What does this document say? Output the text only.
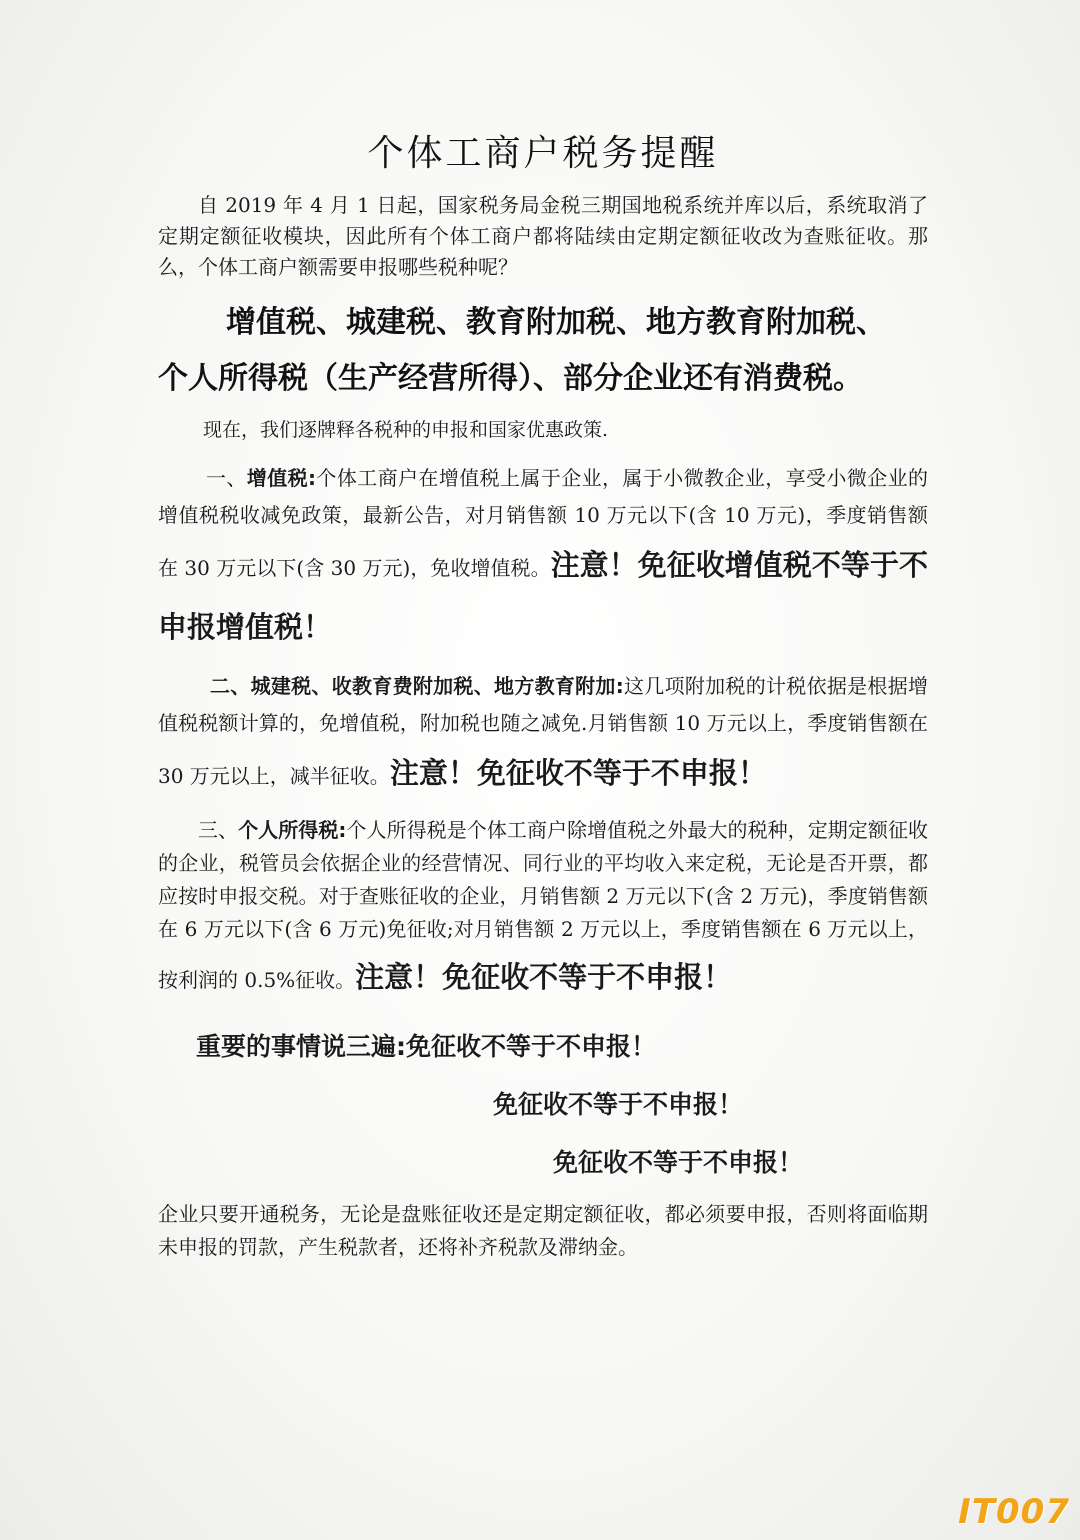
个体工商户税务提醒

自 2019 年 4 月 1 日起，国家税务局金税三期国地税系统并库以后，系统取消了定期定额征收模块，因此所有个体工商户都将陆续由定期定额征收改为查账征收。那么，个体工商户额需要申报哪些税种呢？

增值税、城建税、教育附加税、地方教育附加税、
个人所得税（生产经营所得）、部分企业还有消费税。

现在，我们逐牌释各税种的申报和国家优惠政策.

一、增值税:个体工商户在增值税上属于企业，属于小微教企业，享受小微企业的增值税税收减免政策，最新公告，对月销售额 10 万元以下(含 10 万元)，季度销售额在 30 万元以下(含 30 万元)，免收增值税。注意！免征收增值税不等于不申报增值税！

二、城建税、收教育费附加税、地方教育附加:这几项附加税的计税依据是根据增值税税额计算的，免增值税，附加税也随之减免.月销售额 10 万元以上，季度销售额在 30 万元以上，减半征收。注意！免征收不等于不申报！

三、个人所得税:个人所得税是个体工商户除增值税之外最大的税种，定期定额征收的企业，税管员会依据企业的经营情况、同行业的平均收入来定税，无论是否开票，都应按时申报交税。对于查账征收的企业，月销售额 2 万元以下(含 2 万元)，季度销售额在 6 万元以下(含 6 万元)免征收;对月销售额 2 万元以上，季度销售额在 6 万元以上，按利润的 0.5%征收。注意！免征收不等于不申报！

重要的事情说三遍:免征收不等于不申报！

免征收不等于不申报！

免征收不等于不申报！

企业只要开通税务，无论是盘账征收还是定期定额征收，都必须要申报，否则将面临期未申报的罚款，产生税款者，还将补齐税款及滞纳金。

IT007
